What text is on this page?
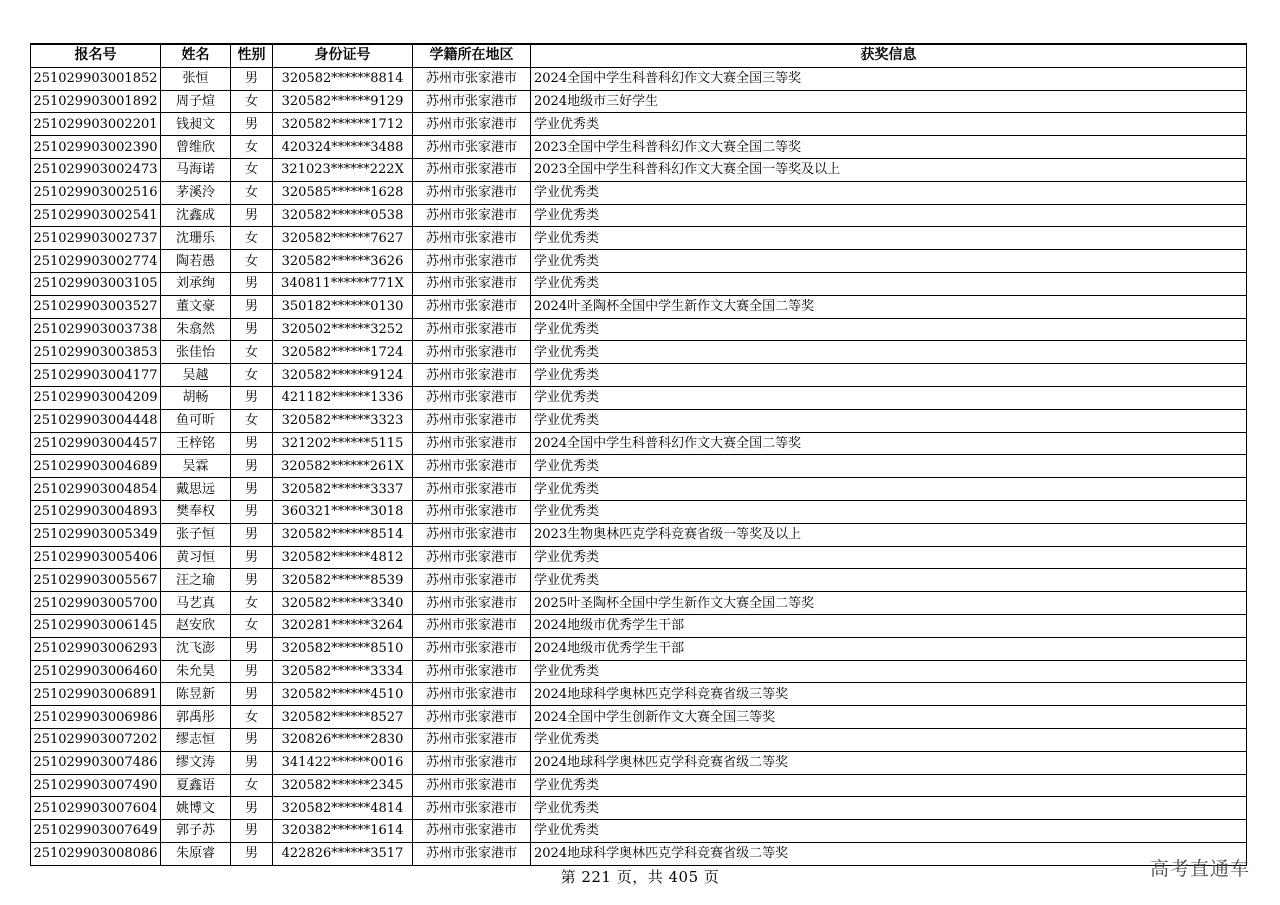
报名号	姓名	性别	身份证号	学籍所在地区	获奖信息
251029903001852	张恒	男	320582******8814	苏州市张家港市	2024全国中学生科普科幻作文大赛全国三等奖
251029903001892	周子煊	女	320582******9129	苏州市张家港市	2024地级市三好学生
251029903002201	钱昶文	男	320582******1712	苏州市张家港市	学业优秀类
251029903002390	曾维欣	女	420324******3488	苏州市张家港市	2023全国中学生科普科幻作文大赛全国二等奖
251029903002473	马海诺	女	321023******222X	苏州市张家港市	2023全国中学生科普科幻作文大赛全国一等奖及以上
251029903002516	茅溪泠	女	320585******1628	苏州市张家港市	学业优秀类
251029903002541	沈鑫成	男	320582******0538	苏州市张家港市	学业优秀类
251029903002737	沈珊乐	女	320582******7627	苏州市张家港市	学业优秀类
251029903002774	陶若愚	女	320582******3626	苏州市张家港市	学业优秀类
251029903003105	刘承绚	男	340811******771X	苏州市张家港市	学业优秀类
251029903003527	董文豪	男	350182******0130	苏州市张家港市	2024叶圣陶杯全国中学生新作文大赛全国二等奖
251029903003738	朱翕然	男	320502******3252	苏州市张家港市	学业优秀类
251029903003853	张佳怡	女	320582******1724	苏州市张家港市	学业优秀类
251029903004177	吴越	女	320582******9124	苏州市张家港市	学业优秀类
251029903004209	胡畅	男	421182******1336	苏州市张家港市	学业优秀类
251029903004448	鱼可昕	女	320582******3323	苏州市张家港市	学业优秀类
251029903004457	王梓铭	男	321202******5115	苏州市张家港市	2024全国中学生科普科幻作文大赛全国二等奖
251029903004689	吴霖	男	320582******261X	苏州市张家港市	学业优秀类
251029903004854	戴思远	男	320582******3337	苏州市张家港市	学业优秀类
251029903004893	樊奉权	男	360321******3018	苏州市张家港市	学业优秀类
251029903005349	张子恒	男	320582******8514	苏州市张家港市	2023生物奥林匹克学科竞赛省级一等奖及以上
251029903005406	黄习恒	男	320582******4812	苏州市张家港市	学业优秀类
251029903005567	汪之瑜	男	320582******8539	苏州市张家港市	学业优秀类
251029903005700	马艺真	女	320582******3340	苏州市张家港市	2025叶圣陶杯全国中学生新作文大赛全国二等奖
251029903006145	赵安欣	女	320281******3264	苏州市张家港市	2024地级市优秀学生干部
251029903006293	沈飞澎	男	320582******8510	苏州市张家港市	2024地级市优秀学生干部
251029903006460	朱允昊	男	320582******3334	苏州市张家港市	学业优秀类
251029903006891	陈昱新	男	320582******4510	苏州市张家港市	2024地球科学奥林匹克学科竞赛省级三等奖
251029903006986	郭禹彤	女	320582******8527	苏州市张家港市	2024全国中学生创新作文大赛全国三等奖
251029903007202	缪志恒	男	320826******2830	苏州市张家港市	学业优秀类
251029903007486	缪文涛	男	341422******0016	苏州市张家港市	2024地球科学奥林匹克学科竞赛省级二等奖
251029903007490	夏鑫语	女	320582******2345	苏州市张家港市	学业优秀类
251029903007604	姚博文	男	320582******4814	苏州市张家港市	学业优秀类
251029903007649	郭子苏	男	320382******1614	苏州市张家港市	学业优秀类
251029903008086	朱原睿	男	422826******3517	苏州市张家港市	2024地球科学奥林匹克学科竞赛省级二等奖
第 221 页，共 405 页	高考直通车
